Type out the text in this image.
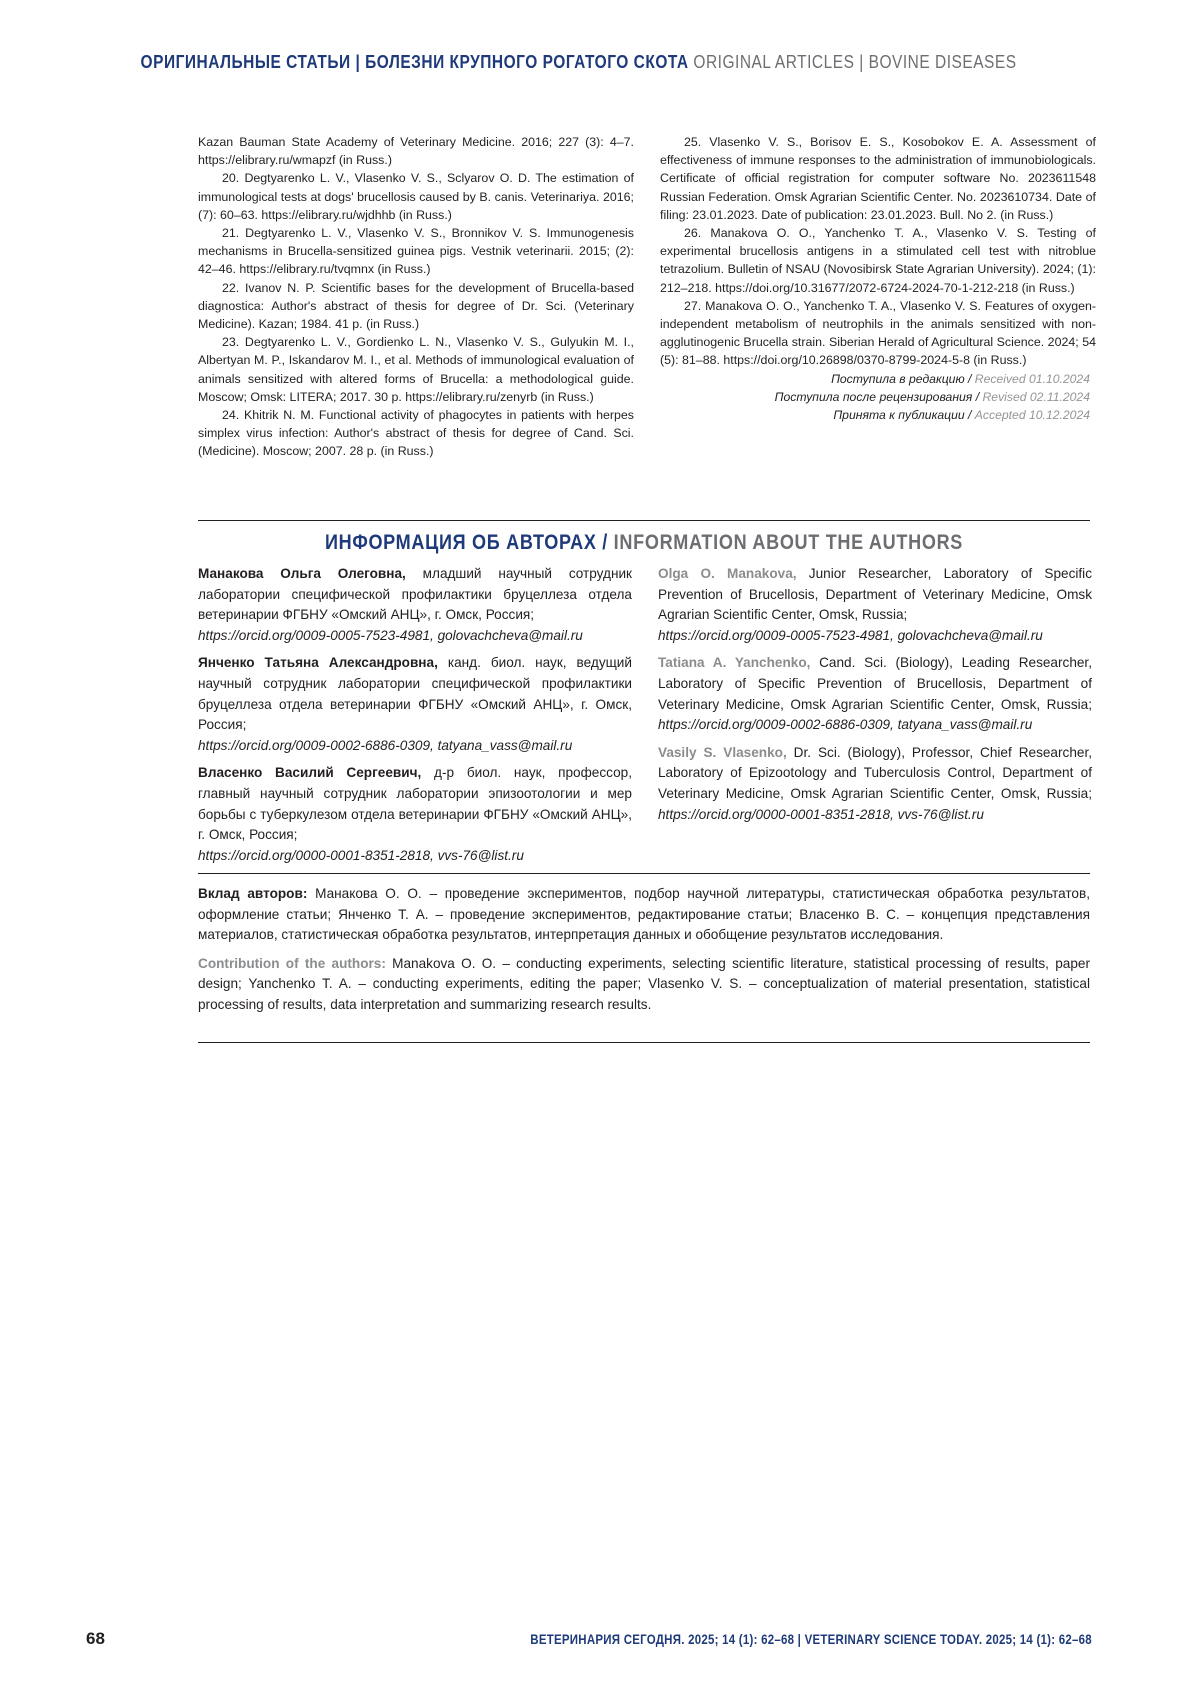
ОРИГИНАЛЬНЫЕ СТАТЬИ | БОЛЕЗНИ КРУПНОГО РОГАТОГО СКОТА ORIGINAL ARTICLES | BOVINE DISEASES

Kazan Bauman State Academy of Veterinary Medicine. 2016; 227 (3): 4–7. https://elibrary.ru/wmapzf (in Russ.)

20. Degtyarenko L. V., Vlasenko V. S., Sclyarov O. D. The estimation of immunological tests at dogs' brucellosis caused by B. canis. Veterinariya. 2016; (7): 60–63. https://elibrary.ru/wjdhhb (in Russ.)

21. Degtyarenko L. V., Vlasenko V. S., Bronnikov V. S. Immunogenesis mechanisms in Brucella-sensitized guinea pigs. Vestnik veterinarii. 2015; (2): 42–46. https://elibrary.ru/tvqmnx (in Russ.)

22. Ivanov N. P. Scientific bases for the development of Brucella-based diagnostica: Author's abstract of thesis for degree of Dr. Sci. (Veterinary Medicine). Kazan; 1984. 41 p. (in Russ.)

23. Degtyarenko L. V., Gordienko L. N., Vlasenko V. S., Gulyukin M. I., Albertyan M. P., Iskandarov M. I., et al. Methods of immunological evaluation of animals sensitized with altered forms of Brucella: a methodological guide. Moscow; Omsk: LITERA; 2017. 30 p. https://elibrary.ru/zenyrb (in Russ.)

24. Khitrik N. M. Functional activity of phagocytes in patients with herpes simplex virus infection: Author's abstract of thesis for degree of Cand. Sci. (Medicine). Moscow; 2007. 28 p. (in Russ.)

25. Vlasenko V. S., Borisov E. S., Kosobokov E. A. Assessment of effectiveness of immune responses to the administration of immunobiologicals. Certificate of official registration for computer software No. 2023611548 Russian Federation. Omsk Agrarian Scientific Center. No. 2023610734. Date of filing: 23.01.2023. Date of publication: 23.01.2023. Bull. No 2. (in Russ.)

26. Manakova O. O., Yanchenko T. A., Vlasenko V. S. Testing of experimental brucellosis antigens in a stimulated cell test with nitroblue tetrazolium. Bulletin of NSAU (Novosibirsk State Agrarian University). 2024; (1): 212–218. https://doi.org/10.31677/2072-6724-2024-70-1-212-218 (in Russ.)

27. Manakova O. O., Yanchenko T. A., Vlasenko V. S. Features of oxygen-independent metabolism of neutrophils in the animals sensitized with non-agglutinogenic Brucella strain. Siberian Herald of Agricultural Science. 2024; 54 (5): 81–88. https://doi.org/10.26898/0370-8799-2024-5-8 (in Russ.)

Поступила в редакцию / Received 01.10.2024
Поступила после рецензирования / Revised 02.11.2024
Принята к публикации / Accepted 10.12.2024
ИНФОРМАЦИЯ ОБ АВТОРАХ / INFORMATION ABOUT THE AUTHORS

Манакова Ольга Олеговна, младший научный сотрудник лаборатории специфической профилактики бруцеллеза отдела ветеринарии ФГБНУ «Омский АНЦ», г. Омск, Россия;
https://orcid.org/0009-0005-7523-4981, golovachcheva@mail.ru

Янченко Татьяна Александровна, канд. биол. наук, ведущий научный сотрудник лаборатории специфической профилактики бруцеллеза отдела ветеринарии ФГБНУ «Омский АНЦ», г. Омск, Россия;
https://orcid.org/0009-0002-6886-0309, tatyana_vass@mail.ru

Власенко Василий Сергеевич, д-р биол. наук, профессор, главный научный сотрудник лаборатории эпизоотологии и мер борьбы с туберкулезом отдела ветеринарии ФГБНУ «Омский АНЦ», г. Омск, Россия;
https://orcid.org/0000-0001-8351-2818, vvs-76@list.ru

Olga O. Manakova, Junior Researcher, Laboratory of Specific Prevention of Brucellosis, Department of Veterinary Medicine, Omsk Agrarian Scientific Center, Omsk, Russia;
https://orcid.org/0009-0005-7523-4981, golovachcheva@mail.ru

Tatiana A. Yanchenko, Cand. Sci. (Biology), Leading Researcher, Laboratory of Specific Prevention of Brucellosis, Department of Veterinary Medicine, Omsk Agrarian Scientific Center, Omsk, Russia; https://orcid.org/0009-0002-6886-0309, tatyana_vass@mail.ru

Vasily S. Vlasenko, Dr. Sci. (Biology), Professor, Chief Researcher, Laboratory of Epizootology and Tuberculosis Control, Department of Veterinary Medicine, Omsk Agrarian Scientific Center, Omsk, Russia; https://orcid.org/0000-0001-8351-2818, vvs-76@list.ru

Вклад авторов: Манакова О. О. – проведение экспериментов, подбор научной литературы, статистическая обработка результатов, оформление статьи; Янченко Т. А. – проведение экспериментов, редактирование статьи; Власенко В. С. – концепция представления материалов, статистическая обработка результатов, интерпретация данных и обобщение результатов исследования.

Contribution of the authors: Manakova O. O. – conducting experiments, selecting scientific literature, statistical processing of results, paper design; Yanchenko T. A. – conducting experiments, editing the paper; Vlasenko V. S. – conceptualization of material presentation, statistical processing of results, data interpretation and summarizing research results.

68	ВЕТЕРИНАРИЯ СЕГОДНЯ. 2025; 14 (1): 62–68 | VETERINARY SCIENCE TODAY. 2025; 14 (1): 62–68
